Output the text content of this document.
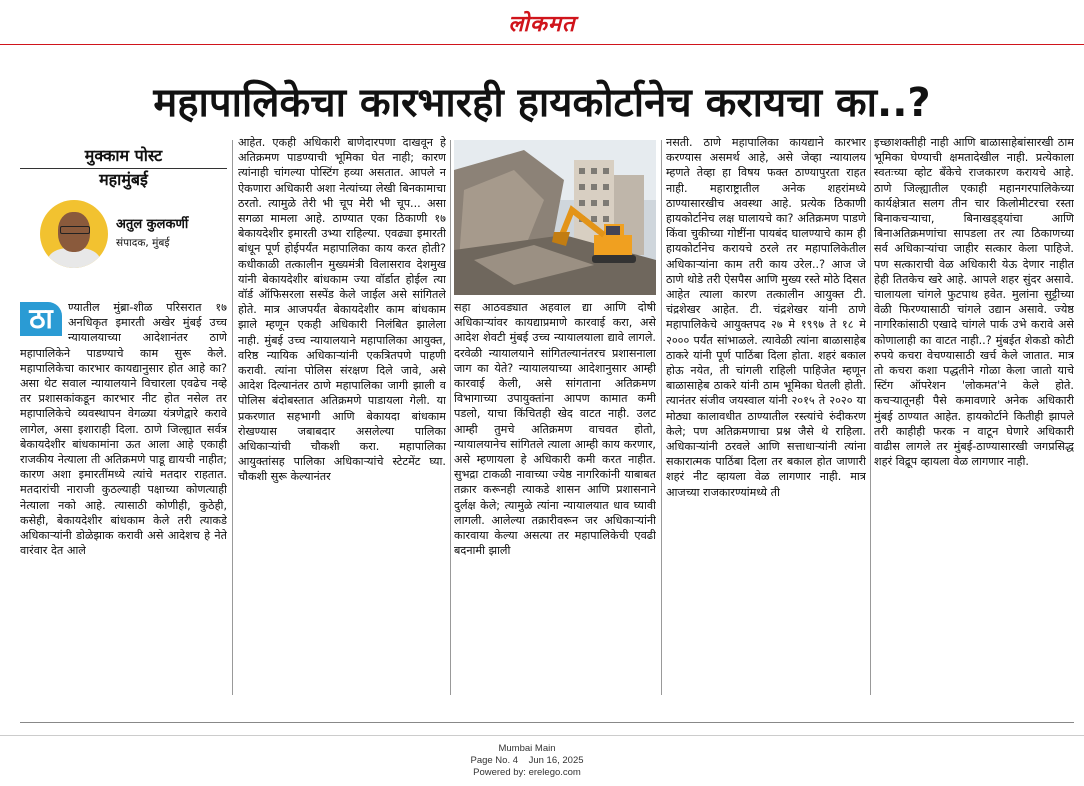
लोकमत
महापालिकेचा कारभारही हायकोर्टानेच करायचा का..?
मुक्काम पोस्ट
महामुंबई
अतुल कुलकर्णी
संपादक, मुंबई
ठा	ण्यातील मुंब्रा-शीळ परिसरात १७ अनधिकृत इमारती अखेर मुंबई उच्च न्यायालयाच्या आदेशानंतर ठाणे महापालिकेने पाडण्याचे काम सुरू केले. महापालिकेचा कारभार कायद्यानुसार होत आहे का? असा थेट सवाल न्यायालयाने विचारला एवढेच नव्हे तर प्रशासकांकडून कारभार नीट होत नसेल तर महापालिकेचे व्यवस्थापन वेगळ्या यंत्रणेद्वारे करावे लागेल, असा इशाराही दिला. ठाणे जिल्ह्यात सर्वत्र बेकायदेशीर बांधकामांना ऊत आला आहे एकाही राजकीय नेत्याला ती अतिक्रमणे पाडू द्यायची नाहीत; कारण अशा इमारतींमध्ये त्यांचे मतदार राहतात. मतदारांची नाराजी कुठल्याही पक्षाच्या कोणत्याही नेत्याला नको आहे. त्यासाठी कोणीही, कुठेही, कसेही, बेकायदेशीर बांधकाम केले तरी त्याकडे अधिकाऱ्यांनी डोळेझाक करावी असे आदेशच हे नेते वारंवार देत आले
आहेत. एकही अधिकारी बाणेदारपणा दाखवून हे अतिक्रमण पाडण्याची भूमिका घेत नाही; कारण त्यांनाही चांगल्या पोस्टिंग हव्या असतात. आपले न ऐकणारा अधिकारी अशा नेत्यांच्या लेखी बिनकामाचा ठरतो. त्यामुळे तेरी भी चूप मेरी भी चूप... असा सगळा मामला आहे. ठाण्यात एका ठिकाणी १७ बेकायदेशीर इमारती उभ्या राहिल्या. एवढ्या इमारती बांधून पूर्ण होईपर्यंत महापालिका काय करत होती? कधीकाळी तत्कालीन मुख्यमंत्री विलासराव देशमुख यांनी बेकायदेशीर बांधकाम ज्या वॉर्डात होईल त्या वॉर्ड ऑफिसरला सस्पेंड केले जाईल असे सांगितले होते. मात्र आजपर्यंत बेकायदेशीर काम बांधकाम झाले म्हणून एकही अधिकारी निलंबित झालेला नाही. मुंबई उच्च न्यायालयाने महापालिका आयुक्त, वरिष्ठ न्यायिक अधिकाऱ्यांनी एकत्रितपणे पाहणी करावी. त्यांना पोलिस संरक्षण दिले जावे, असे आदेश दिल्यानंतर ठाणे महापालिका जागी झाली व पोलिस बंदोबस्तात अतिक्रमणे पाडायला गेली. या प्रकरणात सहभागी आणि बेकायदा बांधकाम रोखण्यास जबाबदार असलेल्या पालिका अधिकाऱ्यांची चौकशी करा. महापालिका आयुक्तांसह पालिका अधिकाऱ्यांचे स्टेटमेंट घ्या. चौकशी सुरू केल्यानंतर
सहा आठवड्यात अहवाल द्या आणि दोषी अधिकाऱ्यांवर कायद्याप्रमाणे कारवाई करा, असे आदेश शेवटी मुंबई उच्च न्यायालयाला द्यावे लागले. दरवेळी न्यायालयाने सांगितल्यानंतरच प्रशासनाला जाग का येते? न्यायालयाच्या आदेशानुसार आम्ही कारवाई केली, असे सांगताना अतिक्रमण विभागाच्या उपायुक्तांना आपण कामात कमी पडलो, याचा किंचितही खेद वाटत नाही. उलट आम्ही तुमचे अतिक्रमण वाचवत होतो, न्यायालयानेच सांगितले त्याला आम्ही काय करणार, असे म्हणायला हे अधिकारी कमी करत नाहीत. सुभद्रा टाकळी नावाच्या ज्येष्ठ नागरिकांनी याबाबत तक्रार करूनही त्याकडे शासन आणि प्रशासनाने दुर्लक्ष केले; त्यामुळे त्यांना न्यायालयात धाव घ्यावी लागली. आलेल्या तक्रारीवरून जर अधिकाऱ्यांनी कारवाया केल्या असत्या तर महापालिकेची एवढी बदनामी झाली
नसती. ठाणे महापालिका कायद्याने कारभार करण्यास असमर्थ आहे, असे जेव्हा न्यायालय म्हणते तेव्हा हा विषय फक्त ठाण्यापुरता राहत नाही. महाराष्ट्रातील अनेक शहरांमध्ये ठाण्यासारखीच अवस्था आहे. प्रत्येक ठिकाणी हायकोर्टानेच लक्ष घालायचे का? अतिक्रमण पाडणे किंवा चुकीच्या गोष्टींना पायबंद घालण्याचे काम ही हायकोर्टानेच करायचे ठरले तर महापालिकेतील अधिकाऱ्यांना काम तरी काय उरेल..? आज जे ठाणे थोडे तरी ऐसपैस आणि मुख्य रस्ते मोठे दिसत आहेत त्याला कारण तत्कालीन आयुक्त टी. चंद्रशेखर आहेत. टी. चंद्रशेखर यांनी ठाणे महापालिकेचे आयुक्तपद २७ मे १९९७ ते १८ मे २००० पर्यंत सांभाळले. त्यावेळी त्यांना बाळासाहेब ठाकरे यांनी पूर्ण पाठिंबा दिला होता. शहरं बकाल होऊ नयेत, ती चांगली राहिली पाहिजेत म्हणून बाळासाहेब ठाकरे यांनी ठाम भूमिका घेतली होती. त्यानंतर संजीव जयस्वाल यांनी २०१५ ते २०२० या मोठ्या कालावधीत ठाण्यातील रस्त्यांचे रुंदीकरण केले; पण अतिक्रमणाचा प्रश्न जैसे थे राहिला. अधिकाऱ्यांनी ठरवले आणि सत्ताधाऱ्यांनी त्यांना सकारात्मक पाठिंबा दिला तर बकाल होत जाणारी शहरं नीट व्हायला वेळ लागणार नाही. मात्र आजच्या राजकारण्यांमध्ये ती
इच्छाशक्तीही नाही आणि बाळासाहेबांसारखी ठाम भूमिका घेण्याची क्षमतादेखील नाही. प्रत्येकाला स्वतःच्या व्होट बँकेचे राजकारण करायचे आहे. ठाणे जिल्ह्यातील एकाही महानगरपालिकेच्या कार्यक्षेत्रात सलग तीन चार किलोमीटरचा रस्ता बिनाकचऱ्याचा, बिनाखड्ड्यांचा आणि बिनाअतिक्रमणांचा सापडला तर त्या ठिकाणच्या सर्व अधिकाऱ्यांचा जाहीर सत्कार केला पाहिजे. पण सत्काराची वेळ अधिकारी येऊ देणार नाहीत हेही तितकेच खरे आहे. आपले शहर सुंदर असावे. चालायला चांगले फुटपाथ हवेत. मुलांना सुट्टीच्या वेळी फिरण्यासाठी चांगले उद्यान असावे. ज्येष्ठ नागरिकांसाठी एखादे चांगले पार्क उभे करावे असे कोणालाही का वाटत नाही..? मुंबईत शेकडो कोटी रुपये कचरा वेचण्यासाठी खर्च केले जातात. मात्र तो कचरा कशा पद्धतीने गोळा केला जातो याचे स्टिंग ऑपरेशन 'लोकमत'ने केले होते. कचऱ्यातूनही पैसे कमावणारे अनेक अधिकारी मुंबई ठाण्यात आहेत. हायकोर्टाने कितीही झापले तरी काहीही फरक न वाटून घेणारे अधिकारी वाढीस लागले तर मुंबई-ठाण्यासारखी जगप्रसिद्ध शहरं विद्रूप व्हायला वेळ लागणार नाही.
Mumbai Main
Page No. 4    Jun 16, 2025
Powered by: erelego.com
